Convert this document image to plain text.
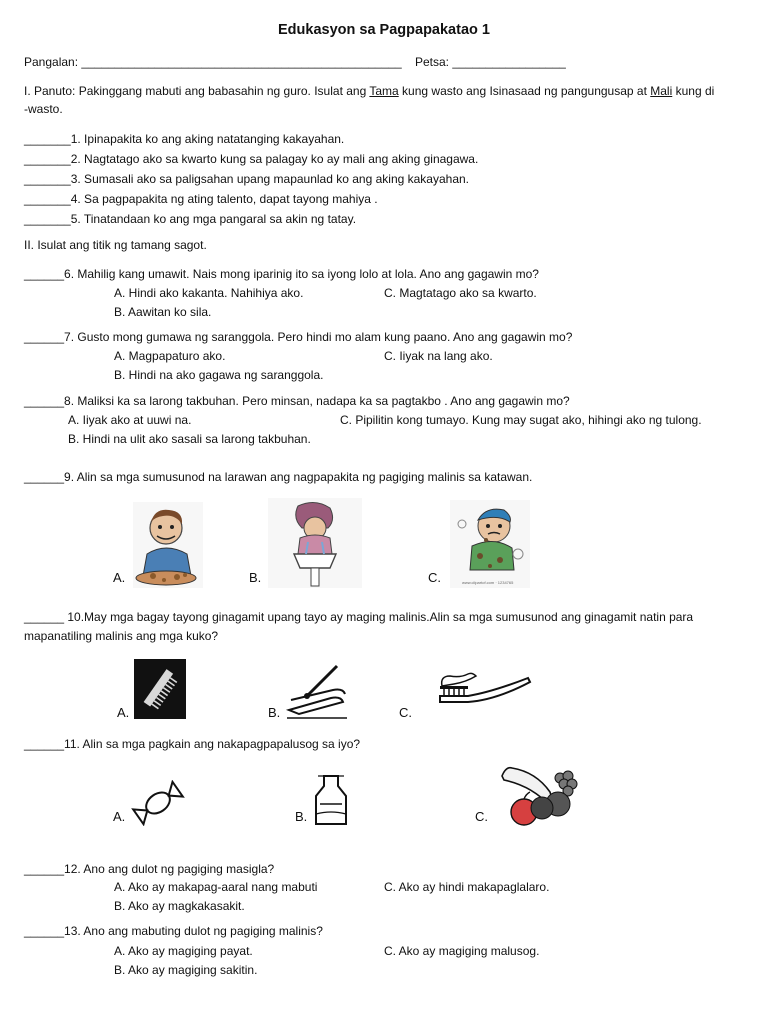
Edukasyon sa Pagpapakatao 1
Pangalan: ________________________________________________ Petsa: _________________
I. Panuto: Pakinggang mabuti ang babasahin ng guro. Isulat ang Tama kung wasto ang Isinasaad ng pangungusap at Mali kung di
-wasto.
_______1. Ipinapakita ko ang aking natatanging kakayahan.
_______2. Nagtatago ako sa kwarto kung sa palagay ko ay mali ang aking ginagawa.
_______3. Sumasali ako sa paligsahan upang mapaunlad ko ang aking kakayahan.
_______4. Sa pagpapakita ng ating talento, dapat tayong mahiya .
_______5. Tinatandaan ko ang mga pangaral sa akin ng tatay.
II. Isulat ang titik ng tamang sagot.
______6. Mahilig kang umawit. Nais mong iparinig ito sa iyong lolo at lola. Ano ang gagawin mo?
A. Hindi ako kakanta. Nahihiya ako.	C. Magtatago ako sa kwarto.
B. Aawitan ko sila.
______7. Gusto mong gumawa ng saranggola. Pero hindi mo alam kung paano. Ano ang gagawin mo?
A. Magpapaturo ako.	C. Iiyak na lang ako.
B. Hindi na ako gagawa ng saranggola.
______8. Maliksi ka sa larong takbuhan. Pero minsan, nadapa ka sa pagtakbo . Ano ang gagawin mo?
A. Iiyak ako at uuwi na.	C. Pipilitin kong tumayo. Kung may sugat ako, hihingi ako ng tulong.
B. Hindi na ulit ako sasali sa larong takbuhan.
______9. Alin sa mga sumusunod na larawan ang nagpapakita ng pagiging malinis sa katawan.
A.	B.	www.clipartof.com · 1234765
C.
______ 10.May mga bagay tayong ginagamit upang tayo ay maging malinis.Alin sa mga sumusunod ang ginagamit natin para
mapanatiling malinis ang mga kuko?
A.	B.	C.
______11. Alin sa mga pagkain ang nakapagpapalusog sa iyo?
A.	B.	C.
______12. Ano ang dulot ng pagiging masigla?
A. Ako ay makapag-aaral nang mabuti	C. Ako ay hindi makapaglalaro.
B. Ako ay magkakasakit.
______13. Ano ang mabuting dulot ng pagiging malinis?
A. Ako ay magiging payat.	C. Ako ay magiging malusog.
B. Ako ay magiging sakitin.
